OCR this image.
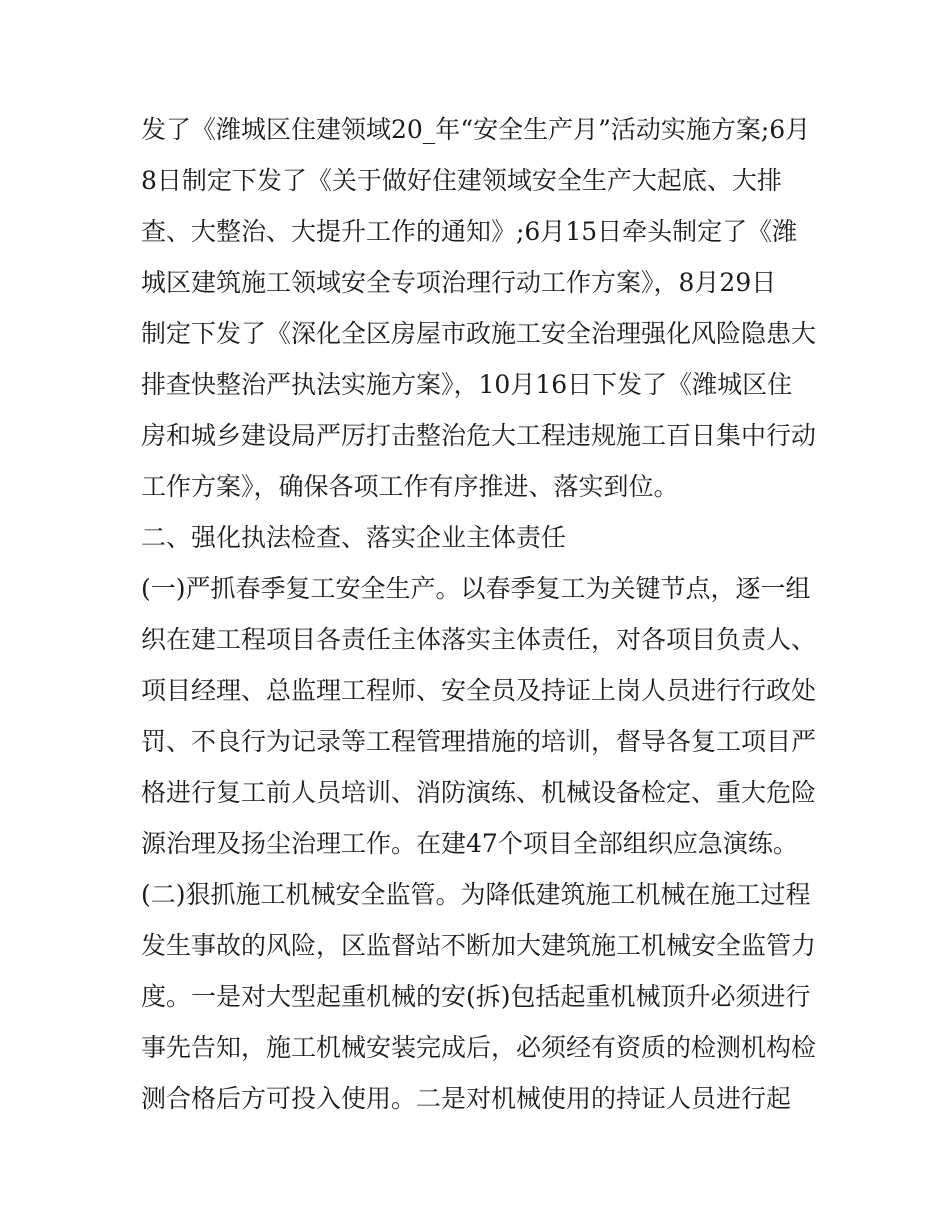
发了《潍城区住建领域20_年“安全生产月”活动实施方案;6月
8日制定下发了《关于做好住建领域安全生产大起底、大排
查、大整治、大提升工作的通知》;6月15日牵头制定了《潍
城区建筑施工领域安全专项治理行动工作方案》，8月29日
制定下发了《深化全区房屋市政施工安全治理强化风险隐患大
排查快整治严执法实施方案》，10月16日下发了《潍城区住
房和城乡建设局严厉打击整治危大工程违规施工百日集中行动
工作方案》，确保各项工作有序推进、落实到位。
二、强化执法检查、落实企业主体责任
(一)严抓春季复工安全生产。以春季复工为关键节点，逐一组
织在建工程项目各责任主体落实主体责任，对各项目负责人、
项目经理、总监理工程师、安全员及持证上岗人员进行行政处
罚、不良行为记录等工程管理措施的培训，督导各复工项目严
格进行复工前人员培训、消防演练、机械设备检定、重大危险
源治理及扬尘治理工作。在建47个项目全部组织应急演练。
(二)狠抓施工机械安全监管。为降低建筑施工机械在施工过程
发生事故的风险，区监督站不断加大建筑施工机械安全监管力
度。一是对大型起重机械的安(拆)包括起重机械顶升必须进行
事先告知，施工机械安装完成后，必须经有资质的检测机构检
测合格后方可投入使用。二是对机械使用的持证人员进行起
